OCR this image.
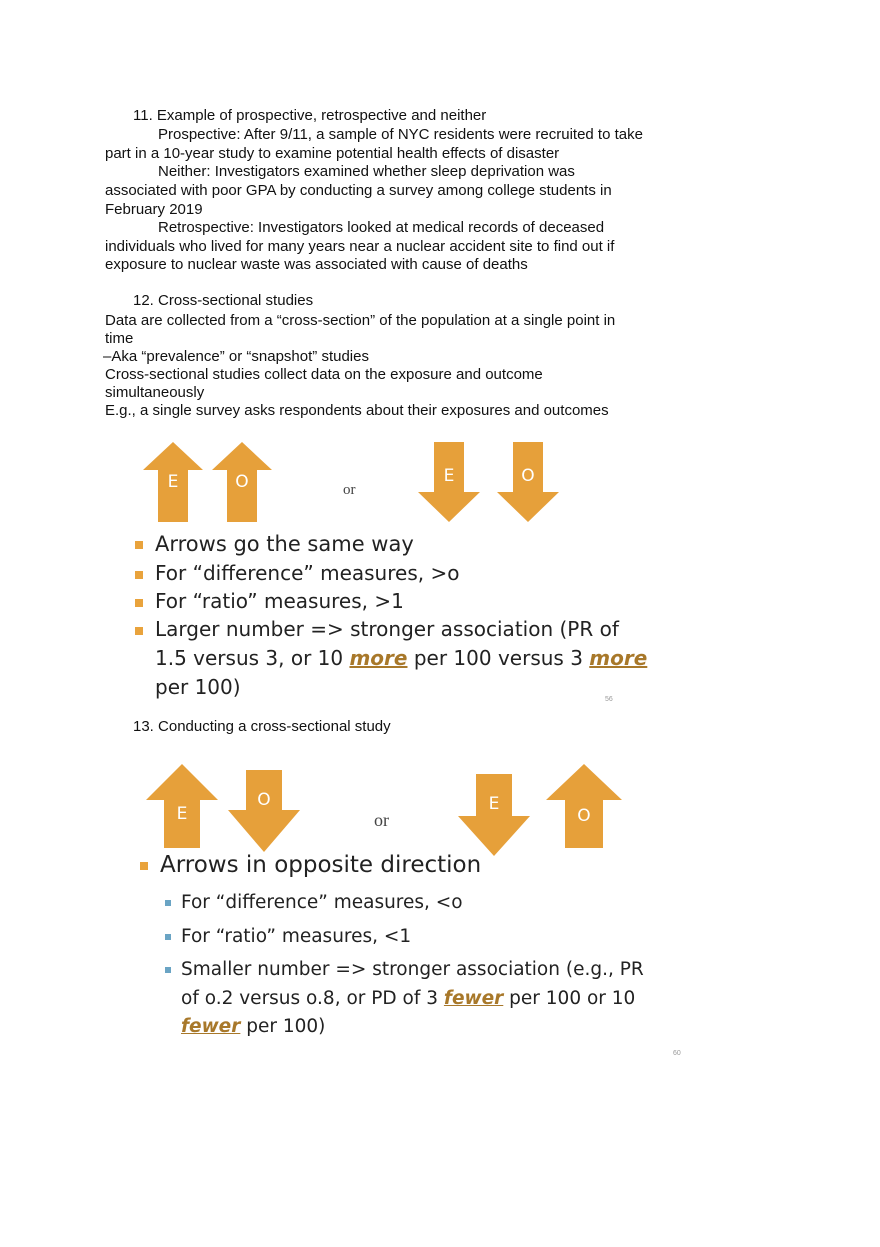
11. Example of prospective, retrospective and neither
Prospective: After 9/11, a sample of NYC residents were recruited to take
part in a 10-year study to examine potential health effects of disaster
Neither: Investigators examined whether sleep deprivation was
associated with poor GPA by conducting a survey among college students in
February 2019
Retrospective: Investigators looked at medical records of deceased
individuals who lived for many years near a nuclear accident site to find out if
exposure to nuclear waste was associated with cause of deaths
12. Cross-sectional studies
Data are collected from a “cross-section” of the population at a single point in
time
–Aka “prevalence” or “snapshot” studies
Cross-sectional studies collect data on the exposure and outcome
simultaneously
E.g., a single survey asks respondents about their exposures and outcomes
E	O	or
E	O
Arrows go the same way
For “difference” measures, >o
For “ratio” measures, >1
Larger number => stronger association (PR of
1.5 versus 3, or 10 more per 100 versus 3 more
per 100)
56
13. Conducting a cross-sectional study
E
O
or
E
O
Arrows in opposite direction
For “difference” measures, <o
For “ratio” measures, <1
Smaller number => stronger association (e.g., PR
of o.2 versus o.8, or PD of 3 fewer per 100 or 10
fewer per 100)
60
